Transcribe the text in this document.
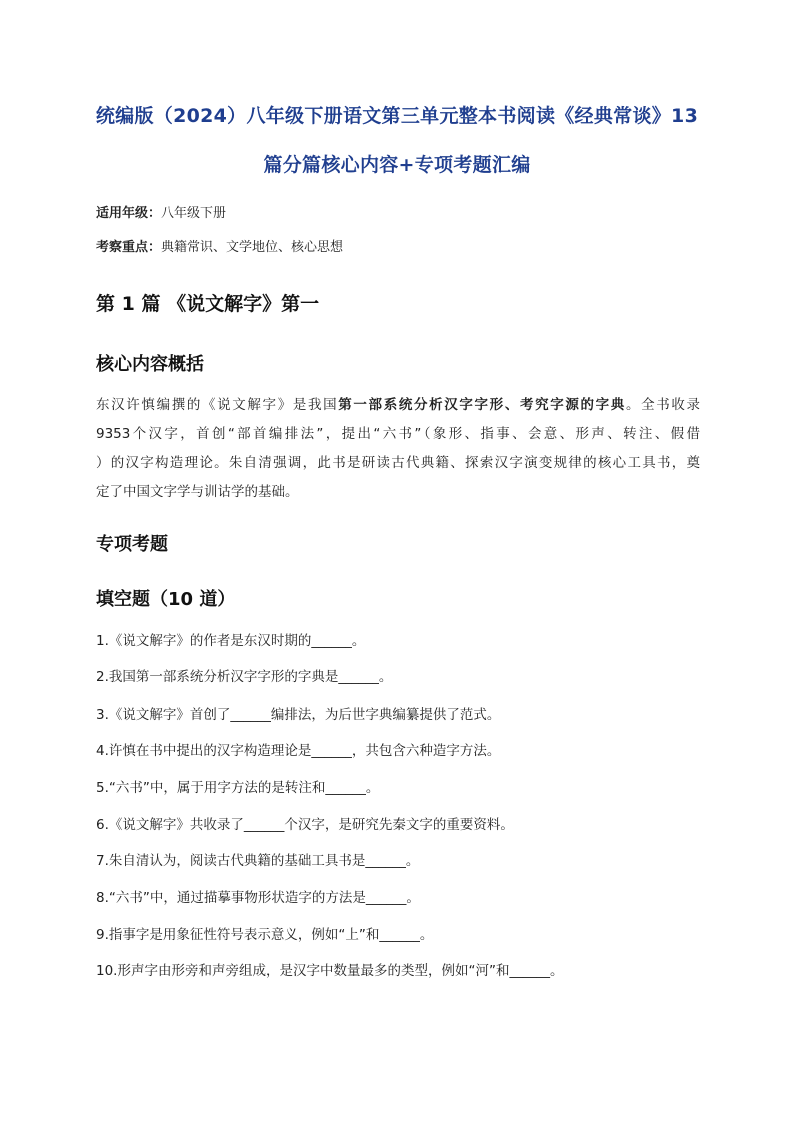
统编版（2024）八年级下册语文第三单元整本书阅读《经典常谈》13
篇分篇核心内容+专项考题汇编
适用年级：八年级下册
考察重点：典籍常识、文学地位、核心思想
第 1 篇 《说文解字》第一
核心内容概括
东汉许慎编撰的《说文解字》是我国第一部系统分析汉字字形、考究字源的字典。全书收录
9353个汉字，首创“部首编排法”，提出“六书”（象形、指事、会意、形声、转注、假借
）的汉字构造理论。朱自清强调，此书是研读古代典籍、探索汉字演变规律的核心工具书，奠
定了中国文字学与训诂学的基础。
专项考题
填空题（10 道）
1.《说文解字》的作者是东汉时期的______。
2.我国第一部系统分析汉字字形的字典是______。
3.《说文解字》首创了______编排法，为后世字典编纂提供了范式。
4.许慎在书中提出的汉字构造理论是______，共包含六种造字方法。
5.“六书”中，属于用字方法的是转注和______。
6.《说文解字》共收录了______个汉字，是研究先秦文字的重要资料。
7.朱自清认为，阅读古代典籍的基础工具书是______。
8.“六书”中，通过描摹事物形状造字的方法是______。
9.指事字是用象征性符号表示意义，例如“上”和______。
10.形声字由形旁和声旁组成，是汉字中数量最多的类型，例如“河”和______。
